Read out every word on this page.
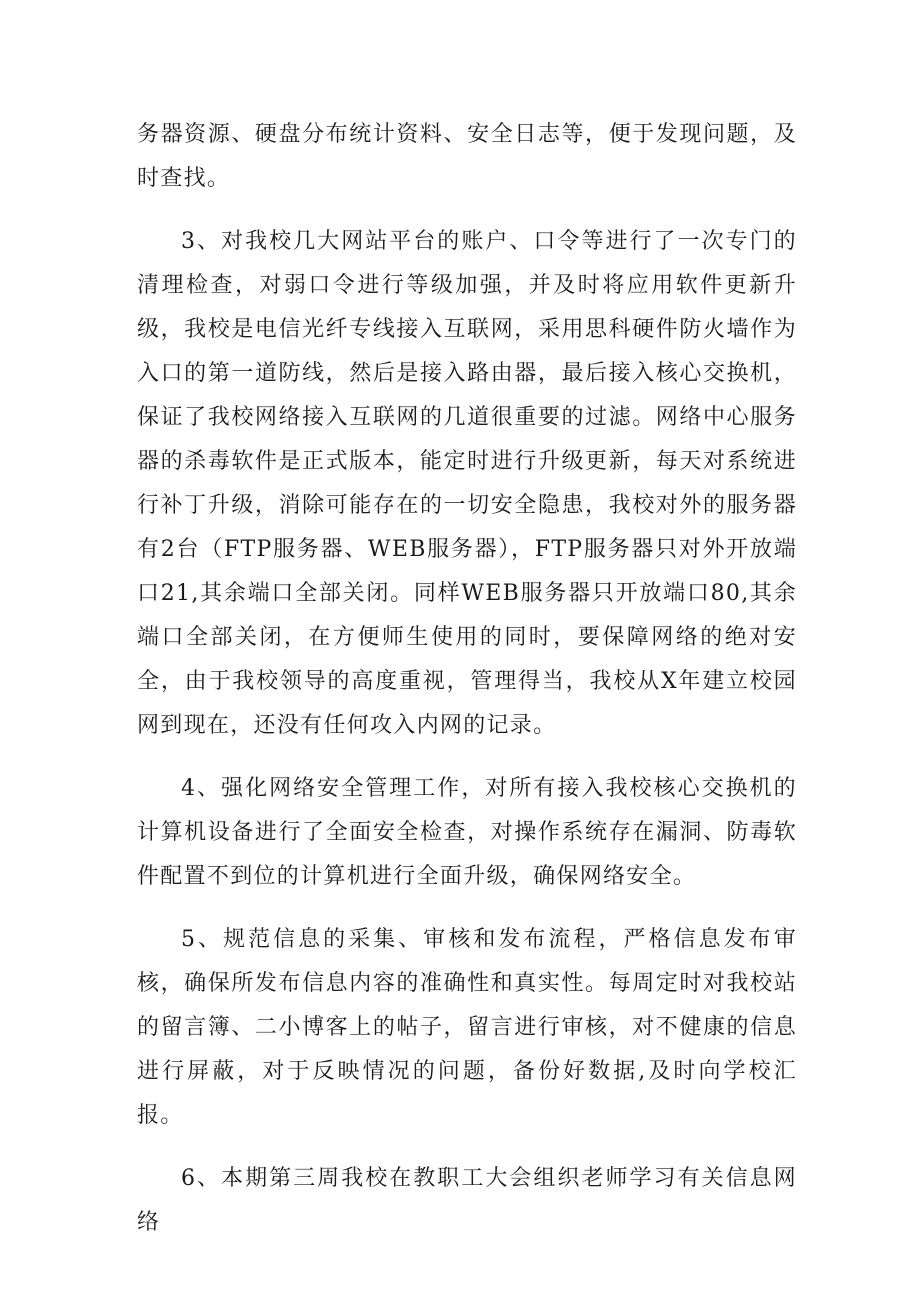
务器资源、硬盘分布统计资料、安全日志等，便于发现问题，及时查找。

3、对我校几大网站平台的账户、口令等进行了一次专门的清理检查，对弱口令进行等级加强，并及时将应用软件更新升级，我校是电信光纤专线接入互联网，采用思科硬件防火墙作为入口的第一道防线，然后是接入路由器，最后接入核心交换机，保证了我校网络接入互联网的几道很重要的过滤。网络中心服务器的杀毒软件是正式版本，能定时进行升级更新，每天对系统进行补丁升级，消除可能存在的一切安全隐患，我校对外的服务器有2台（FTP服务器、WEB服务器），FTP服务器只对外开放端口21,其余端口全部关闭。同样WEB服务器只开放端口80,其余端口全部关闭，在方便师生使用的同时，要保障网络的绝对安全，由于我校领导的高度重视，管理得当，我校从X年建立校园网到现在，还没有任何攻入内网的记录。

4、强化网络安全管理工作，对所有接入我校核心交换机的计算机设备进行了全面安全检查，对操作系统存在漏洞、防毒软件配置不到位的计算机进行全面升级，确保网络安全。

5、规范信息的采集、审核和发布流程，严格信息发布审核，确保所发布信息内容的准确性和真实性。每周定时对我校站的留言簿、二小博客上的帖子，留言进行审核，对不健康的信息进行屏蔽，对于反映情况的问题，备份好数据,及时向学校汇报。

6、本期第三周我校在教职工大会组织老师学习有关信息网络
